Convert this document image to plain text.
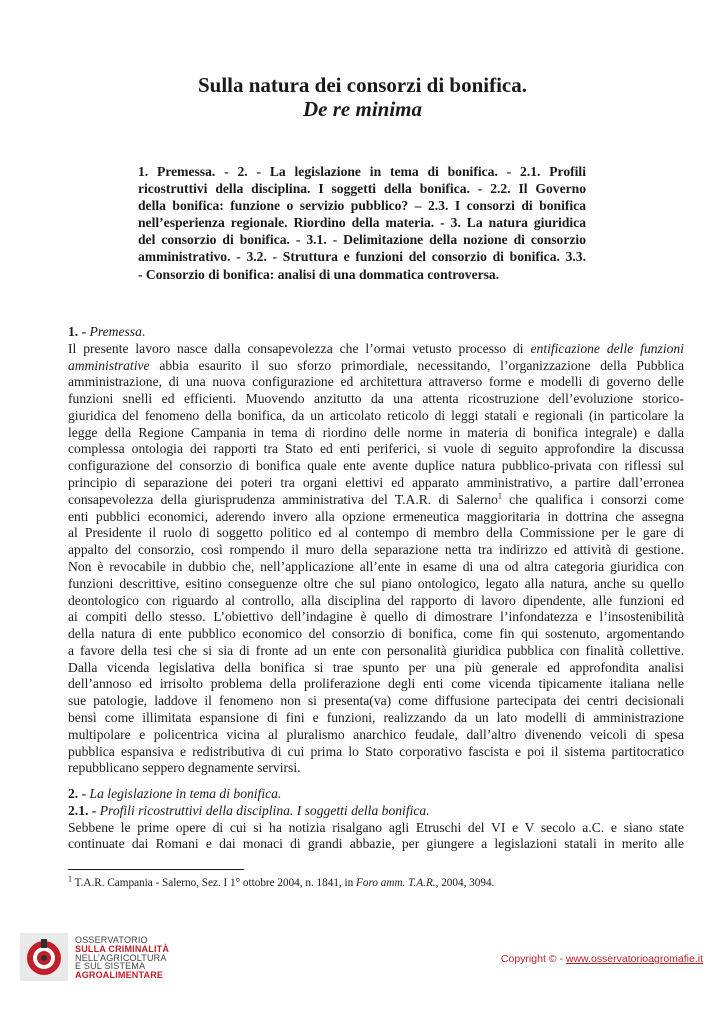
Sulla natura dei consorzi di bonifica.
De re minima
1. Premessa. - 2. - La legislazione in tema di bonifica. - 2.1. Profili
ricostruttivi della disciplina. I soggetti della bonifica. - 2.2. Il Governo
della bonifica: funzione o servizio pubblico? – 2.3. I consorzi di bonifica
nell’esperienza regionale. Riordino della materia. - 3. La natura giuridica
del consorzio di bonifica. - 3.1. - Delimitazione della nozione di consorzio
amministrativo. - 3.2. - Struttura e funzioni del consorzio di bonifica. 3.3.
- Consorzio di bonifica: analisi di una dommatica controversa.
1. - Premessa.
Il presente lavoro nasce dalla consapevolezza che l’ormai vetusto processo di entificazione delle funzioni
amministrative abbia esaurito il suo sforzo primordiale, necessitando, l’organizzazione della Pubblica
amministrazione, di una nuova configurazione ed architettura attraverso forme e modelli di governo delle
funzioni snelli ed efficienti. Muovendo anzitutto da una attenta ricostruzione dell’evoluzione storico-
giuridica del fenomeno della bonifica, da un articolato reticolo di leggi statali e regionali (in particolare la
legge della Regione Campania in tema di riordino delle norme in materia di bonifica integrale) e dalla
complessa ontologia dei rapporti tra Stato ed enti periferici, si vuole di seguito approfondire la discussa
configurazione del consorzio di bonifica quale ente avente duplice natura pubblico-privata con riflessi sul
principio di separazione dei poteri tra organi elettivi ed apparato amministrativo, a partire dall’erronea
consapevolezza della giurisprudenza amministrativa del T.A.R. di Salerno$^1$ che qualifica i consorzi come
enti pubblici economici, aderendo invero alla opzione ermeneutica maggioritaria in dottrina che assegna
al Presidente il ruolo di soggetto politico ed al contempo di membro della Commissione per le gare di
appalto del consorzio, così rompendo il muro della separazione netta tra indirizzo ed attività di gestione.
Non è revocabile in dubbio che, nell’applicazione all’ente in esame di una od altra categoria giuridica con
funzioni descrittive, esitino conseguenze oltre che sul piano ontologico, legato alla natura, anche su quello
deontologico con riguardo al controllo, alla disciplina del rapporto di lavoro dipendente, alle funzioni ed
ai compiti dello stesso. L’obiettivo dell’indagine è quello di dimostrare l’infondatezza e l’insostenibilità
della natura di ente pubblico economico del consorzio di bonifica, come fin qui sostenuto, argomentando
a favore della tesi che si sia di fronte ad un ente con personalità giuridica pubblica con finalità collettive.
Dalla vicenda legislativa della bonifica si trae spunto per una più generale ed approfondita analisi
dell’annoso ed irrisolto problema della proliferazione degli enti come vicenda tipicamente italiana nelle
sue patologie, laddove il fenomeno non si presenta(va) come diffusione partecipata dei centri decisionali
bensì come illimitata espansione di fini e funzioni, realizzando da un lato modelli di amministrazione
multipolare e policentrica vicina al pluralismo anarchico feudale, dall’altro divenendo veicoli di spesa
pubblica espansiva e redistributiva di cui prima lo Stato corporativo fascista e poi il sistema partitocratico
repubblicano seppero degnamente servirsi.
2. - La legislazione in tema di bonifica.
2.1. - Profili ricostruttivi della disciplina. I soggetti della bonifica.
Sebbene le prime opere di cui si ha notizia risalgano agli Etruschi del VI e V secolo a.C. e siano state
continuate dai Romani e dai monaci di grandi abbazie, per giungere a legislazioni statali in merito alle
$^1$ T.A.R. Campania - Salerno, Sez. I 1° ottobre 2004, n. 1841, in Foro amm. T.A.R., 2004, 3094.
OSSERVATORIO
SULLA CRIMINALITÀ
NELL’AGRICOLTURA
E SUL SISTEMA
AGROALIMENTARE
Copyright © - www.osservatorioagromafie.it
